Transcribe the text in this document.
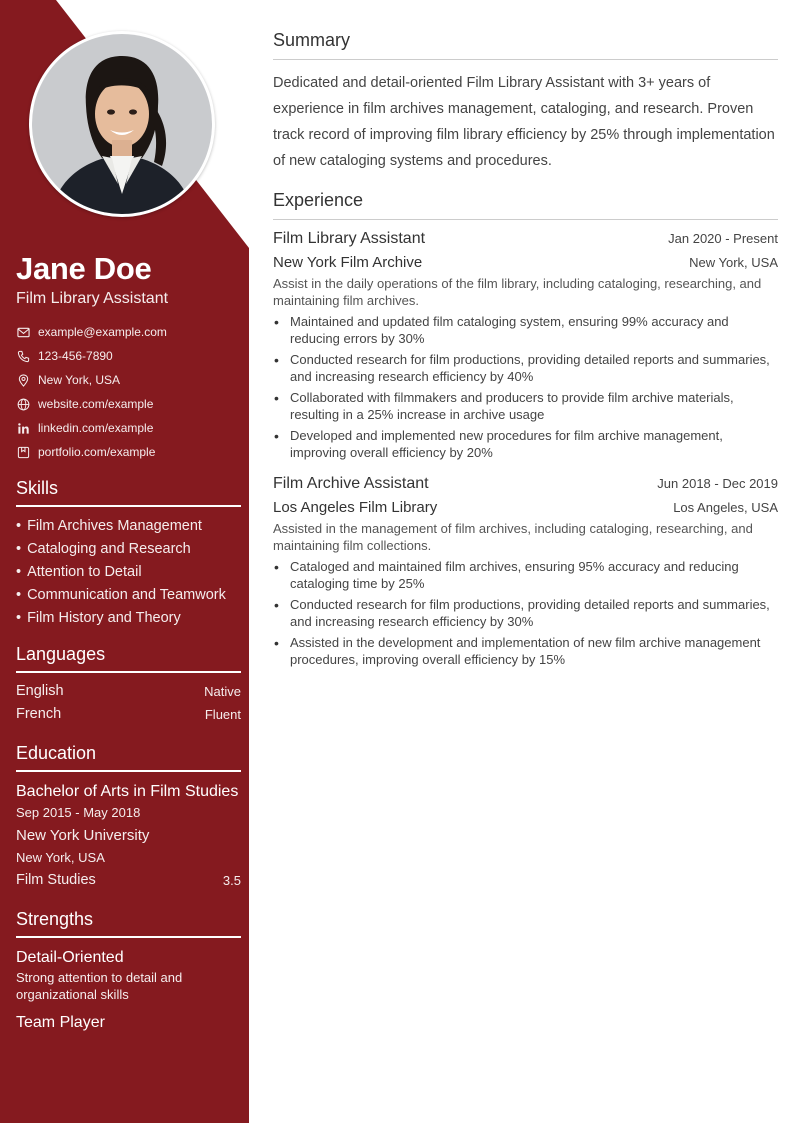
Jane Doe
Film Library Assistant
example@example.com
123-456-7890
New York, USA
website.com/example
linkedin.com/example
portfolio.com/example
Skills
• Film Archives Management
• Cataloging and Research
• Attention to Detail
• Communication and Teamwork
• Film History and Theory
Languages
English	Native
French	Fluent
Education
Bachelor of Arts in Film Studies
Sep 2015 - May 2018
New York University
New York, USA
Film Studies	3.5
Strengths
Detail-Oriented
Strong attention to detail and organizational skills
Team Player
Summary

Dedicated and detail-oriented Film Library Assistant with 3+ years of experience in film archives management, cataloging, and research. Proven track record of improving film library efficiency by 25% through implementation of new cataloging systems and procedures.

Experience
Film Library Assistant	Jan 2020 - Present
New York Film Archive	New York, USA
Assist in the daily operations of the film library, including cataloging, researching, and maintaining film archives.
• Maintained and updated film cataloging system, ensuring 99% accuracy and reducing errors by 30%
• Conducted research for film productions, providing detailed reports and summaries, and increasing research efficiency by 40%
• Collaborated with filmmakers and producers to provide film archive materials, resulting in a 25% increase in archive usage
• Developed and implemented new procedures for film archive management, improving overall efficiency by 20%
Film Archive Assistant	Jun 2018 - Dec 2019
Los Angeles Film Library	Los Angeles, USA
Assisted in the management of film archives, including cataloging, researching, and maintaining film collections.
• Cataloged and maintained film archives, ensuring 95% accuracy and reducing cataloging time by 25%
• Conducted research for film productions, providing detailed reports and summaries, and increasing research efficiency by 30%
• Assisted in the development and implementation of new film archive management procedures, improving overall efficiency by 15%
